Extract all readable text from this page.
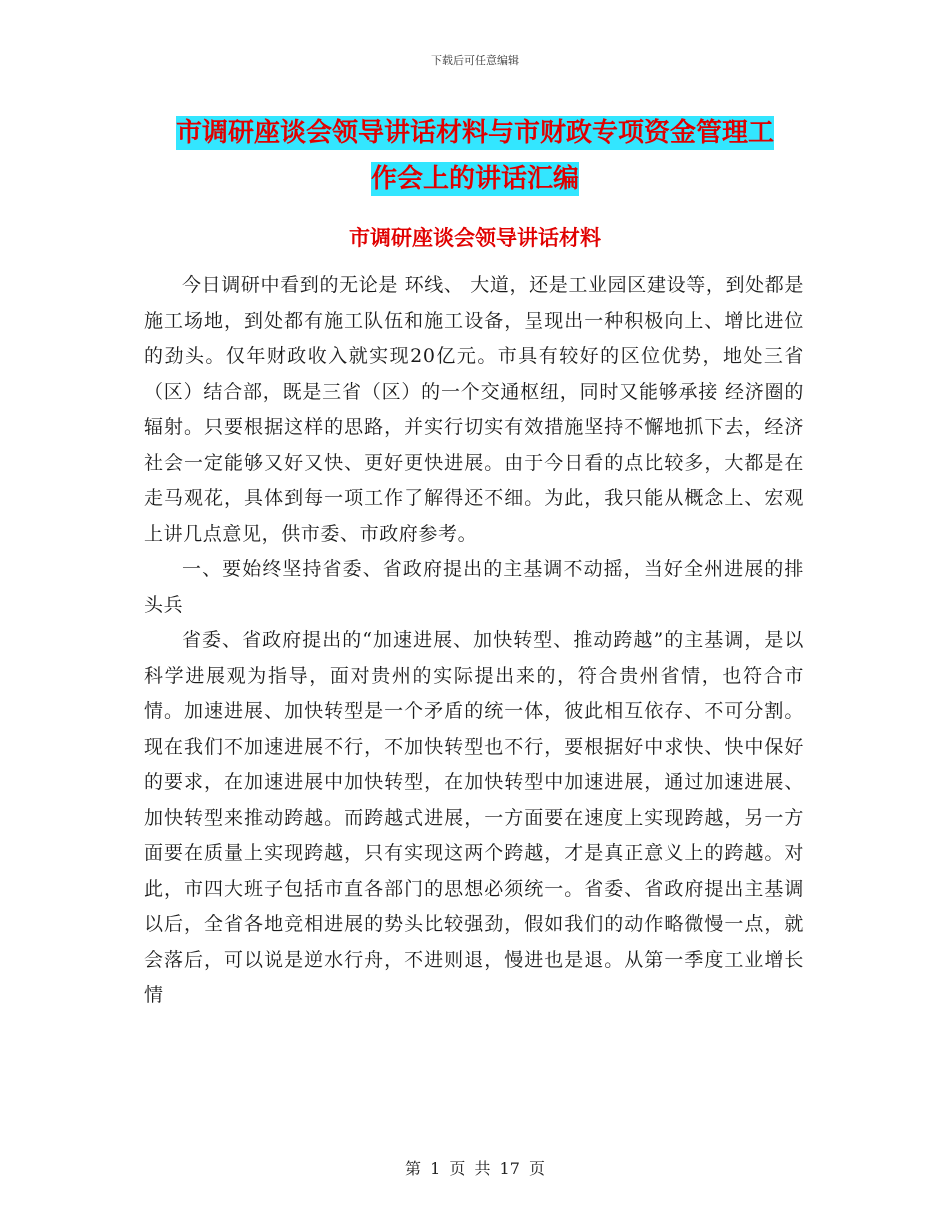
下载后可任意编辑
市调研座谈会领导讲话材料与市财政专项资金管理工
作会上的讲话汇编
市调研座谈会领导讲话材料

今日调研中看到的无论是 环线、 大道，还是工业园区建设等，到处都是施工场地，到处都有施工队伍和施工设备，呈现出一种积极向上、增比进位的劲头。仅年财政收入就实现20亿元。市具有较好的区位优势，地处三省（区）结合部，既是三省（区）的一个交通枢纽，同时又能够承接 经济圈的辐射。只要根据这样的思路，并实行切实有效措施坚持不懈地抓下去，经济社会一定能够又好又快、更好更快进展。由于今日看的点比较多，大都是在走马观花，具体到每一项工作了解得还不细。为此，我只能从概念上、宏观上讲几点意见，供市委、市政府参考。

一、要始终坚持省委、省政府提出的主基调不动摇，当好全州进展的排头兵

省委、省政府提出的“加速进展、加快转型、推动跨越”的主基调，是以科学进展观为指导，面对贵州的实际提出来的，符合贵州省情，也符合市情。加速进展、加快转型是一个矛盾的统一体，彼此相互依存、不可分割。现在我们不加速进展不行，不加快转型也不行，要根据好中求快、快中保好的要求，在加速进展中加快转型，在加快转型中加速进展，通过加速进展、加快转型来推动跨越。而跨越式进展，一方面要在速度上实现跨越，另一方面要在质量上实现跨越，只有实现这两个跨越，才是真正意义上的跨越。对此，市四大班子包括市直各部门的思想必须统一。省委、省政府提出主基调以后，全省各地竞相进展的势头比较强劲，假如我们的动作略微慢一点，就会落后，可以说是逆水行舟，不进则退，慢进也是退。从第一季度工业增长情

第 1 页 共 17 页
